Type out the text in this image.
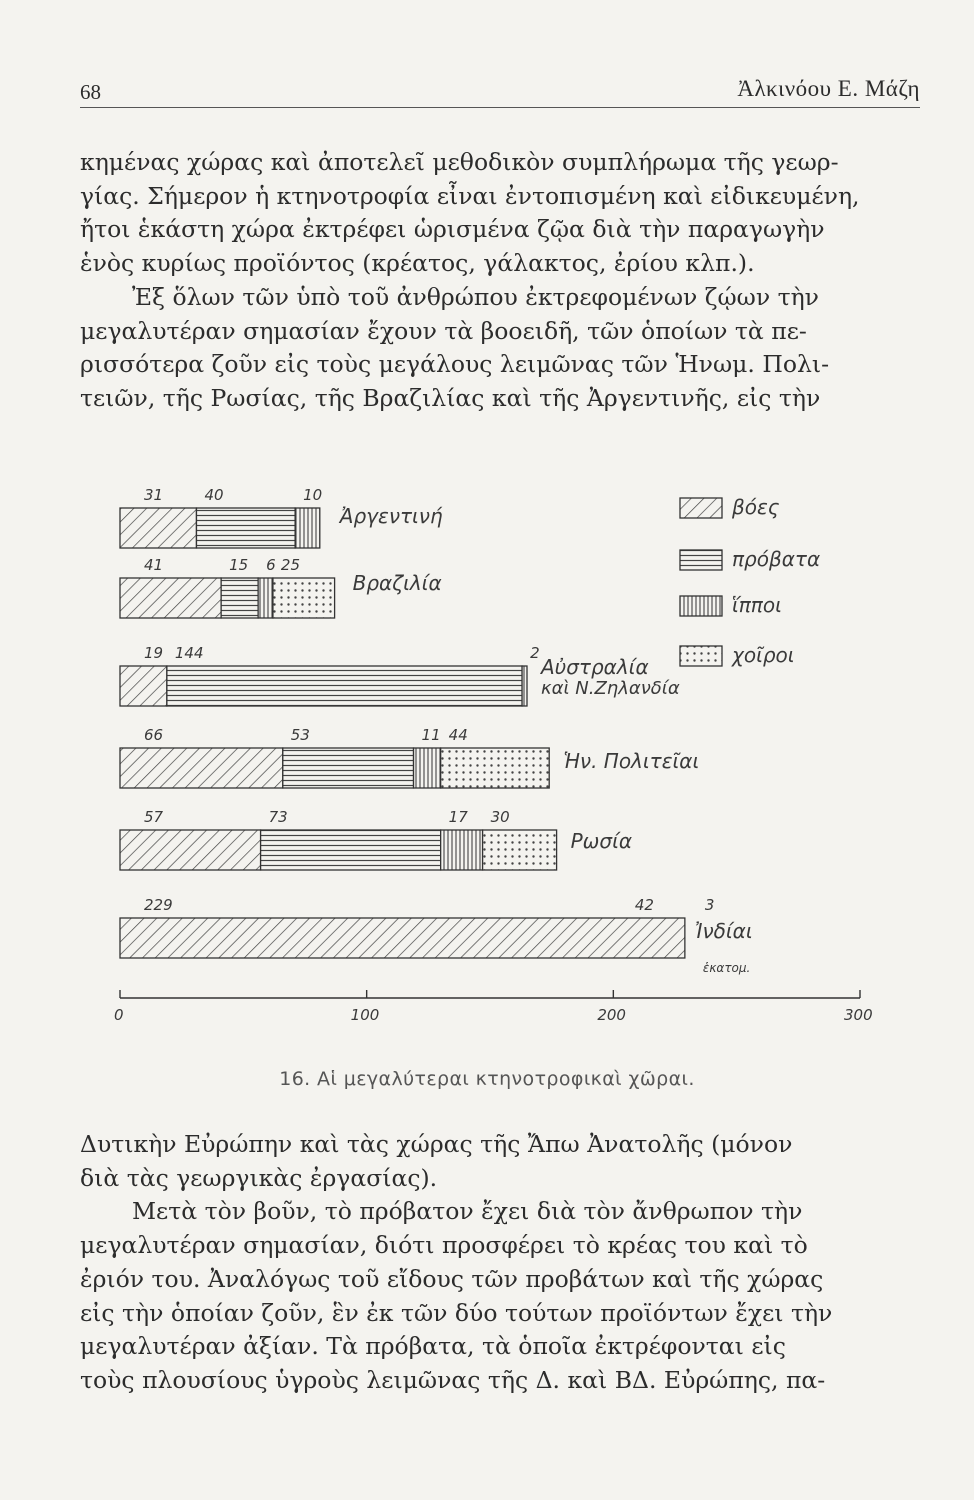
68	Ἀλκινόου Ε. Μάζη
κημένας χώρας καὶ ἀποτελεῖ μεθοδικὸν συμπλήρωμα τῆς γεωρ-
γίας. Σήμερον ἡ κτηνοτροφία εἶναι ἐντοπισμένη καὶ εἰδικευμένη,
ἤτοι ἑκάστη χώρα ἐκτρέφει ὡρισμένα ζῷα διὰ τὴν παραγωγὴν
ἑνὸς κυρίως προϊόντος (κρέατος, γάλακτος, ἐρίου κλπ.).
Ἐξ ὅλων τῶν ὑπὸ τοῦ ἀνθρώπου ἐκτρεφομένων ζῴων τὴν
μεγαλυτέραν σημασίαν ἔχουν τὰ βοοειδῆ, τῶν ὁποίων τὰ πε-
ρισσότερα ζοῦν εἰς τοὺς μεγάλους λειμῶνας τῶν Ἡνωμ. Πολι-
τειῶν, τῆς Ρωσίας, τῆς Βραζιλίας καὶ τῆς Ἀργεντινῆς, εἰς τὴν
31	40	10
Ἀργεντινή
41	15 6 25
Βραζιλία
19 144	2
Αὐστραλία
καὶ Ν.Ζηλανδία
66	53	11 44
Ἡν. Πολιτεῖαι
57	73	17 30
Ρωσία
229	42	3
Ἰνδίαι
ἑκατομ.
βόες
πρόβατα
ἵπποι
χοῖροι
0	100	200	300
16. Αἱ μεγαλύτεραι κτηνοτροφικαὶ χῶραι.
Δυτικὴν Εὐρώπην καὶ τὰς χώρας τῆς Ἄπω Ἀνατολῆς (μόνον
διὰ τὰς γεωργικὰς ἐργασίας).
Μετὰ τὸν βοῦν, τὸ πρόβατον ἔχει διὰ τὸν ἄνθρωπον τὴν
μεγαλυτέραν σημασίαν, διότι προσφέρει τὸ κρέας του καὶ τὸ
ἐριόν του. Ἀναλόγως τοῦ εἴδους τῶν προβάτων καὶ τῆς χώρας
εἰς τὴν ὁποίαν ζοῦν, ἓν ἐκ τῶν δύο τούτων προϊόντων ἔχει τὴν
μεγαλυτέραν ἀξίαν. Τὰ πρόβατα, τὰ ὁποῖα ἐκτρέφονται εἰς
τοὺς πλουσίους ὑγροὺς λειμῶνας τῆς Δ. καὶ ΒΔ. Εὐρώπης, πα-
